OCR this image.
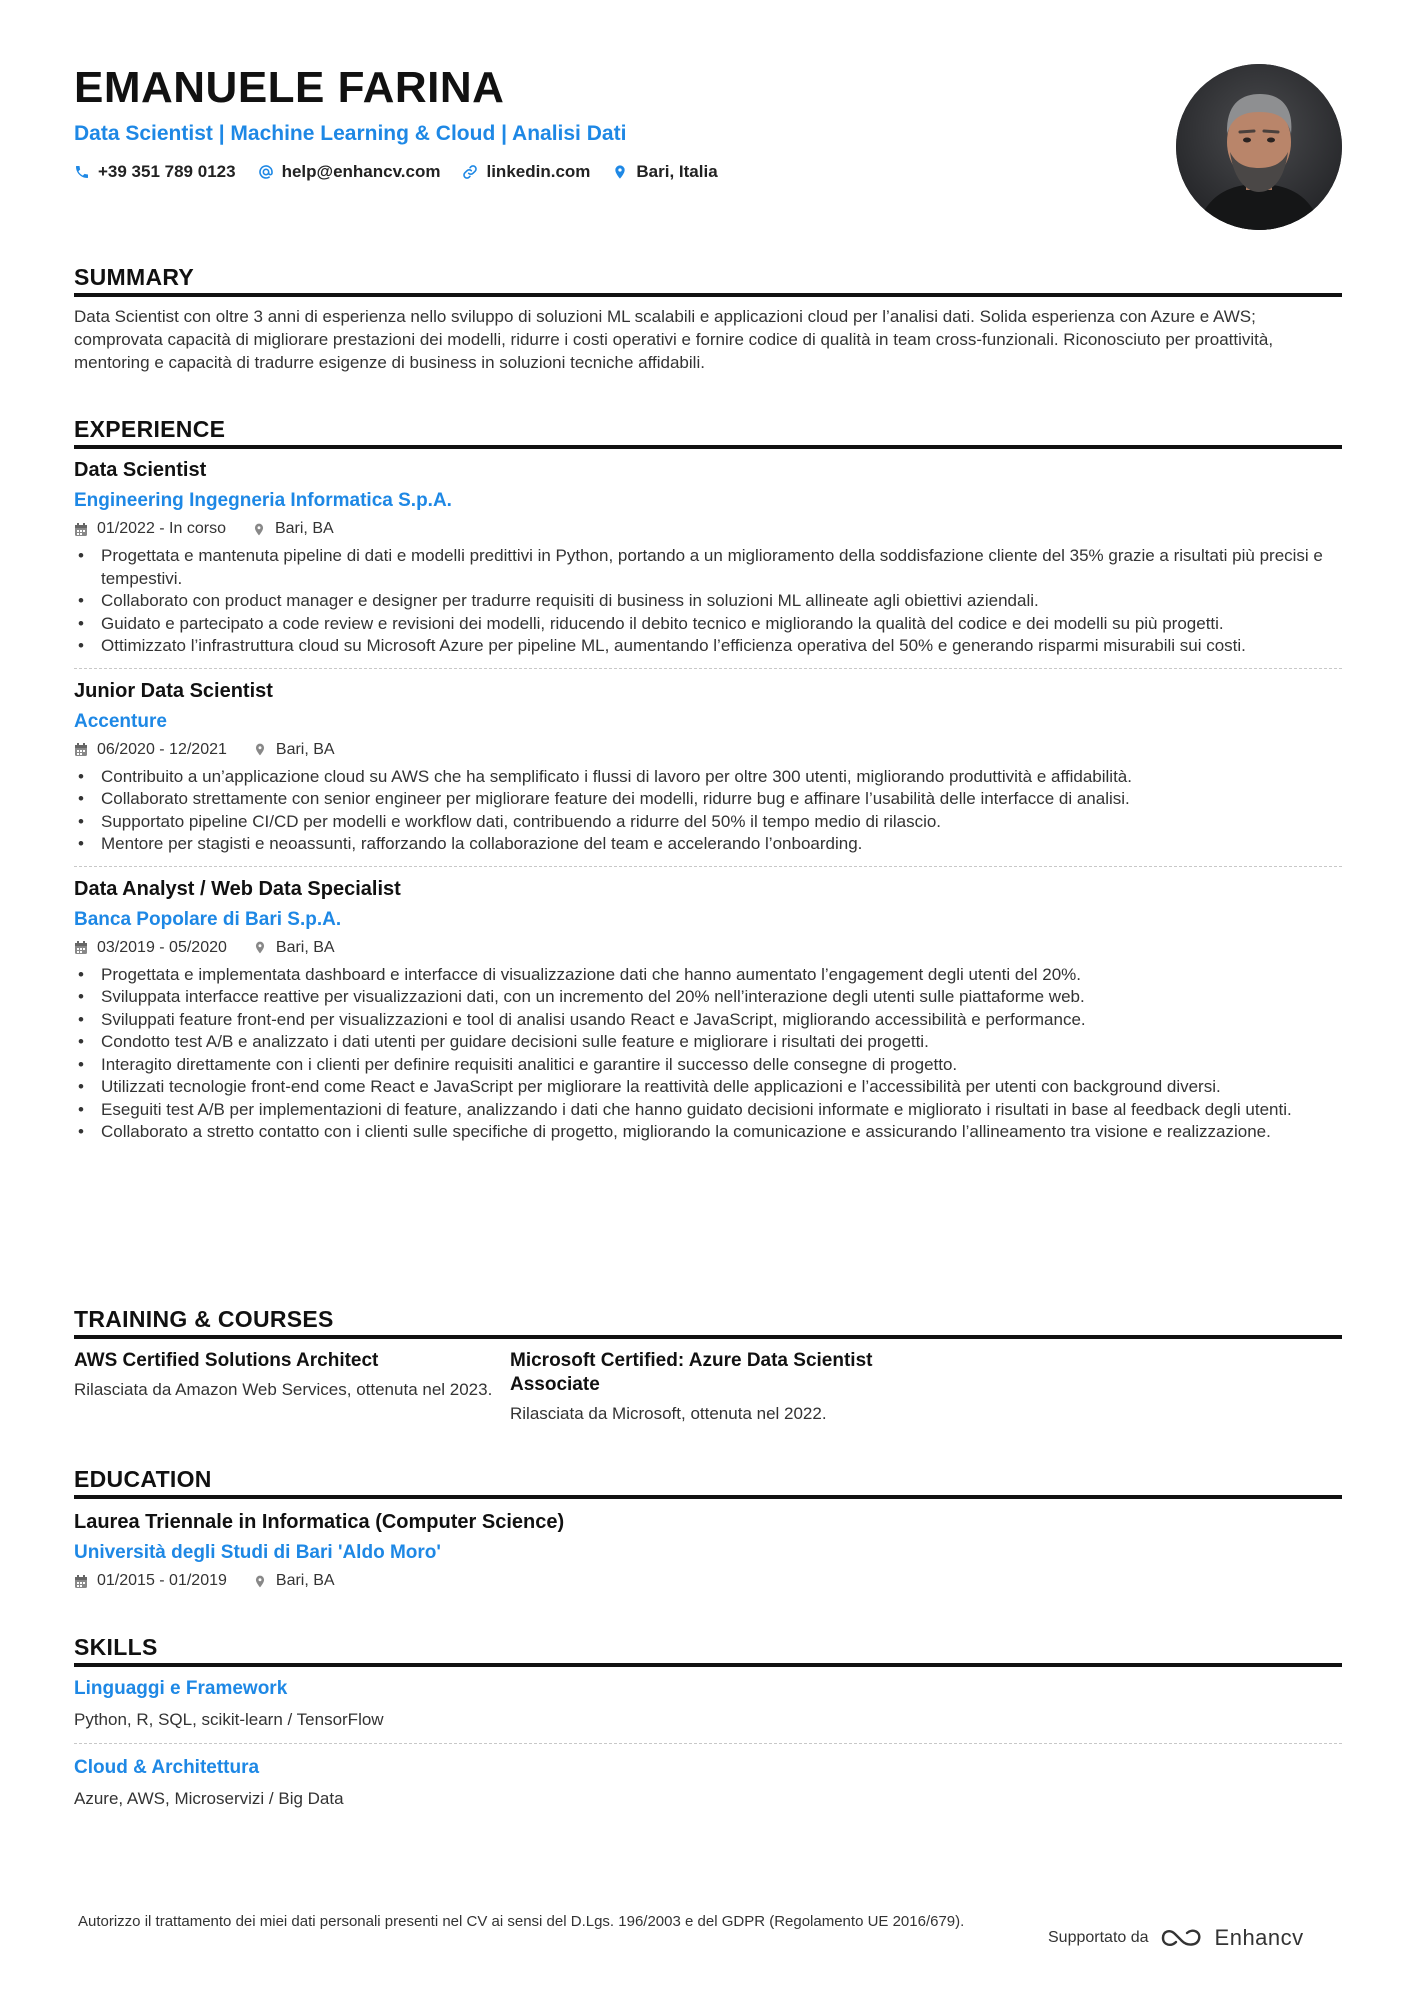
EMANUELE FARINA
Data Scientist | Machine Learning & Cloud | Analisi Dati
+39 351 789 0123	help@enhancv.com	linkedin.com	Bari, Italia
SUMMARY
Data Scientist con oltre 3 anni di esperienza nello sviluppo di soluzioni ML scalabili e applicazioni cloud per l’analisi dati. Solida esperienza con Azure e AWS; comprovata capacità di migliorare prestazioni dei modelli, ridurre i costi operativi e fornire codice di qualità in team cross-funzionali. Riconosciuto per proattività, mentoring e capacità di tradurre esigenze di business in soluzioni tecniche affidabili.
EXPERIENCE
Data Scientist
Engineering Ingegneria Informatica S.p.A.
01/2022 - In corso	Bari, BA
• Progettata e mantenuta pipeline di dati e modelli predittivi in Python, portando a un miglioramento della soddisfazione cliente del 35% grazie a risultati più precisi e tempestivi.
• Collaborato con product manager e designer per tradurre requisiti di business in soluzioni ML allineate agli obiettivi aziendali.
• Guidato e partecipato a code review e revisioni dei modelli, riducendo il debito tecnico e migliorando la qualità del codice e dei modelli su più progetti.
• Ottimizzato l’infrastruttura cloud su Microsoft Azure per pipeline ML, aumentando l’efficienza operativa del 50% e generando risparmi misurabili sui costi.
Junior Data Scientist
Accenture
06/2020 - 12/2021	Bari, BA
• Contribuito a un’applicazione cloud su AWS che ha semplificato i flussi di lavoro per oltre 300 utenti, migliorando produttività e affidabilità.
• Collaborato strettamente con senior engineer per migliorare feature dei modelli, ridurre bug e affinare l’usabilità delle interfacce di analisi.
• Supportato pipeline CI/CD per modelli e workflow dati, contribuendo a ridurre del 50% il tempo medio di rilascio.
• Mentore per stagisti e neoassunti, rafforzando la collaborazione del team e accelerando l’onboarding.
Data Analyst / Web Data Specialist
Banca Popolare di Bari S.p.A.
03/2019 - 05/2020	Bari, BA
• Progettata e implementata dashboard e interfacce di visualizzazione dati che hanno aumentato l’engagement degli utenti del 20%.
• Sviluppata interfacce reattive per visualizzazioni dati, con un incremento del 20% nell’interazione degli utenti sulle piattaforme web.
• Sviluppati feature front-end per visualizzazioni e tool di analisi usando React e JavaScript, migliorando accessibilità e performance.
• Condotto test A/B e analizzato i dati utenti per guidare decisioni sulle feature e migliorare i risultati dei progetti.
• Interagito direttamente con i clienti per definire requisiti analitici e garantire il successo delle consegne di progetto.
• Utilizzati tecnologie front-end come React e JavaScript per migliorare la reattività delle applicazioni e l’accessibilità per utenti con background diversi.
• Eseguiti test A/B per implementazioni di feature, analizzando i dati che hanno guidato decisioni informate e migliorato i risultati in base al feedback degli utenti.
• Collaborato a stretto contatto con i clienti sulle specifiche di progetto, migliorando la comunicazione e assicurando l’allineamento tra visione e realizzazione.
TRAINING & COURSES
AWS Certified Solutions Architect
Rilasciata da Amazon Web Services, ottenuta nel 2023.
Microsoft Certified: Azure Data Scientist Associate
Rilasciata da Microsoft, ottenuta nel 2022.
EDUCATION
Laurea Triennale in Informatica (Computer Science)
Università degli Studi di Bari 'Aldo Moro'
01/2015 - 01/2019	Bari, BA
SKILLS
Linguaggi e Framework
Python, R, SQL, scikit-learn / TensorFlow
Cloud & Architettura
Azure, AWS, Microservizi / Big Data
Autorizzo il trattamento dei miei dati personali presenti nel CV ai sensi del D.Lgs. 196/2003 e del GDPR (Regolamento UE 2016/679).
Supportato da	Enhancv
